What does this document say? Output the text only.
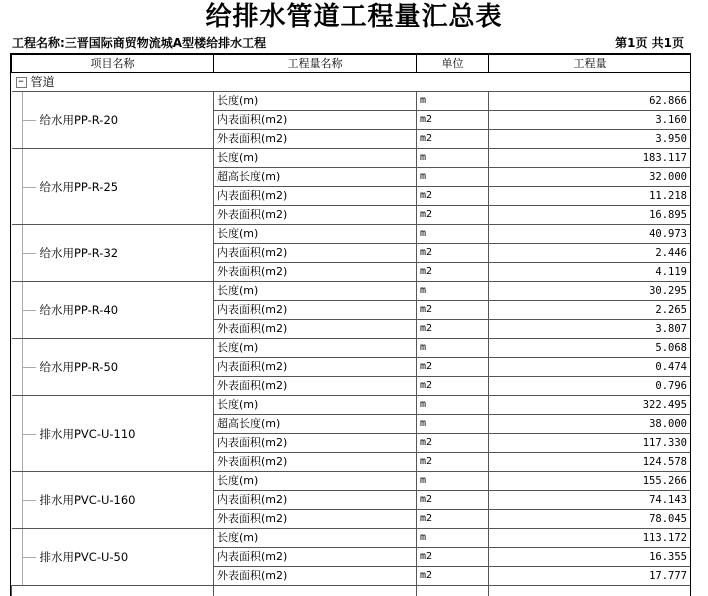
给排水管道工程量汇总表
工程名称:三晋国际商贸物流城A型楼给排水工程	第1页 共1页
项目名称	工程量名称	单位	工程量
− 管道			

给水用PP-R-20	长度(m)	m	62.866
	内表面积(m2)	m2	3.160
	外表面积(m2)	m2	3.950

给水用PP-R-25	长度(m)	m	183.117
	超高长度(m)	m	32.000
	内表面积(m2)	m2	11.218
	外表面积(m2)	m2	16.895

给水用PP-R-32	长度(m)	m	40.973
	内表面积(m2)	m2	2.446
	外表面积(m2)	m2	4.119

给水用PP-R-40	长度(m)	m	30.295
	内表面积(m2)	m2	2.265
	外表面积(m2)	m2	3.807

给水用PP-R-50	长度(m)	m	5.068
	内表面积(m2)	m2	0.474
	外表面积(m2)	m2	0.796

排水用PVC-U-110	长度(m)	m	322.495
	超高长度(m)	m	38.000
	内表面积(m2)	m2	117.330
	外表面积(m2)	m2	124.578

排水用PVC-U-160	长度(m)	m	155.266
	内表面积(m2)	m2	74.143
	外表面积(m2)	m2	78.045

排水用PVC-U-50	长度(m)	m	113.172
	内表面积(m2)	m2	16.355
	外表面积(m2)	m2	17.777
